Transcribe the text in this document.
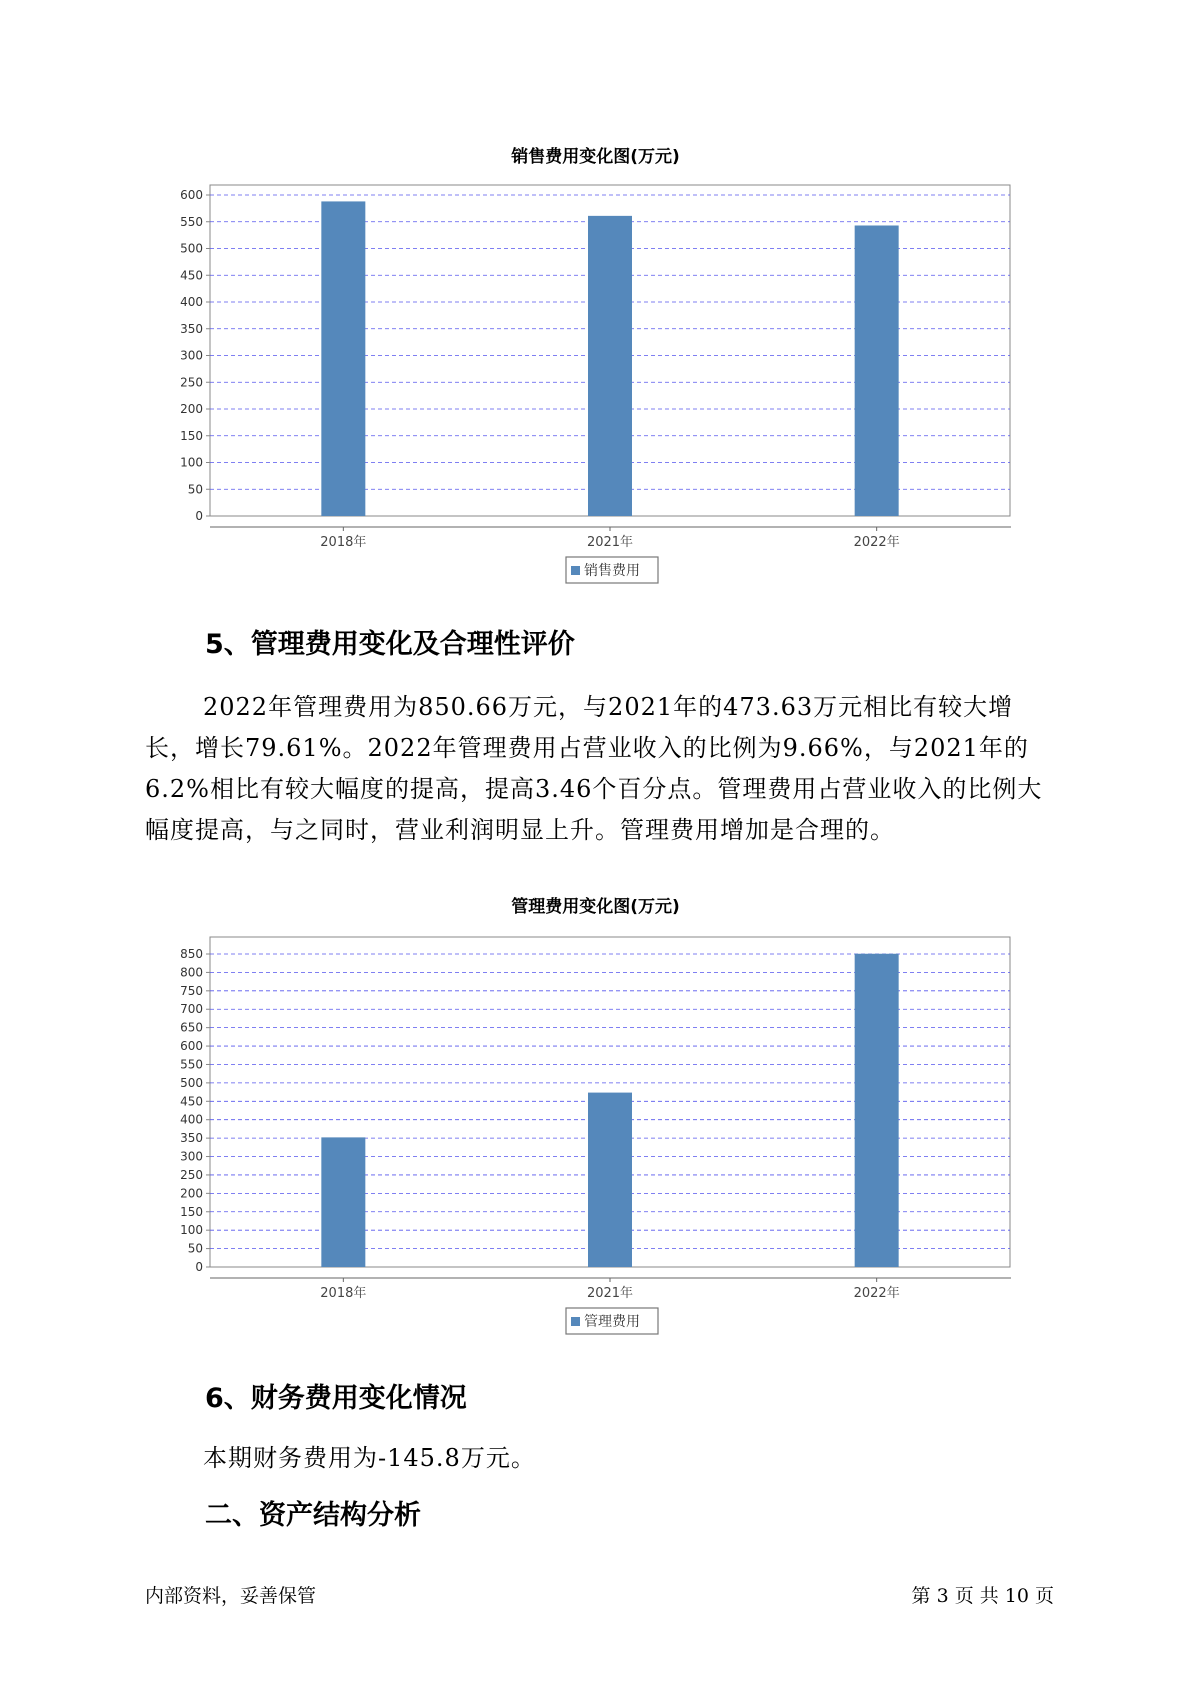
销售费用变化图(万元)
0
50
100
150
200
250
300
350
400
450
500
550
600
2018年	2021年	2022年
销售费用
5、管理费用变化及合理性评价
2022年管理费用为850.66万元，与2021年的473.63万元相比有较大增长，增长79.61%。2022年管理费用占营业收入的比例为9.66%，与2021年的6.2%相比有较大幅度的提高，提高3.46个百分点。管理费用占营业收入的比例大幅度提高，与之同时，营业利润明显上升。管理费用增加是合理的。
管理费用变化图(万元)
0
50
100
150
200
250
300
350
400
450
500
550
600
650
700
750
800
850
2018年	2021年	2022年
管理费用
6、财务费用变化情况
本期财务费用为-145.8万元。
二、资产结构分析
内部资料，妥善保管	第 3 页 共 10 页
